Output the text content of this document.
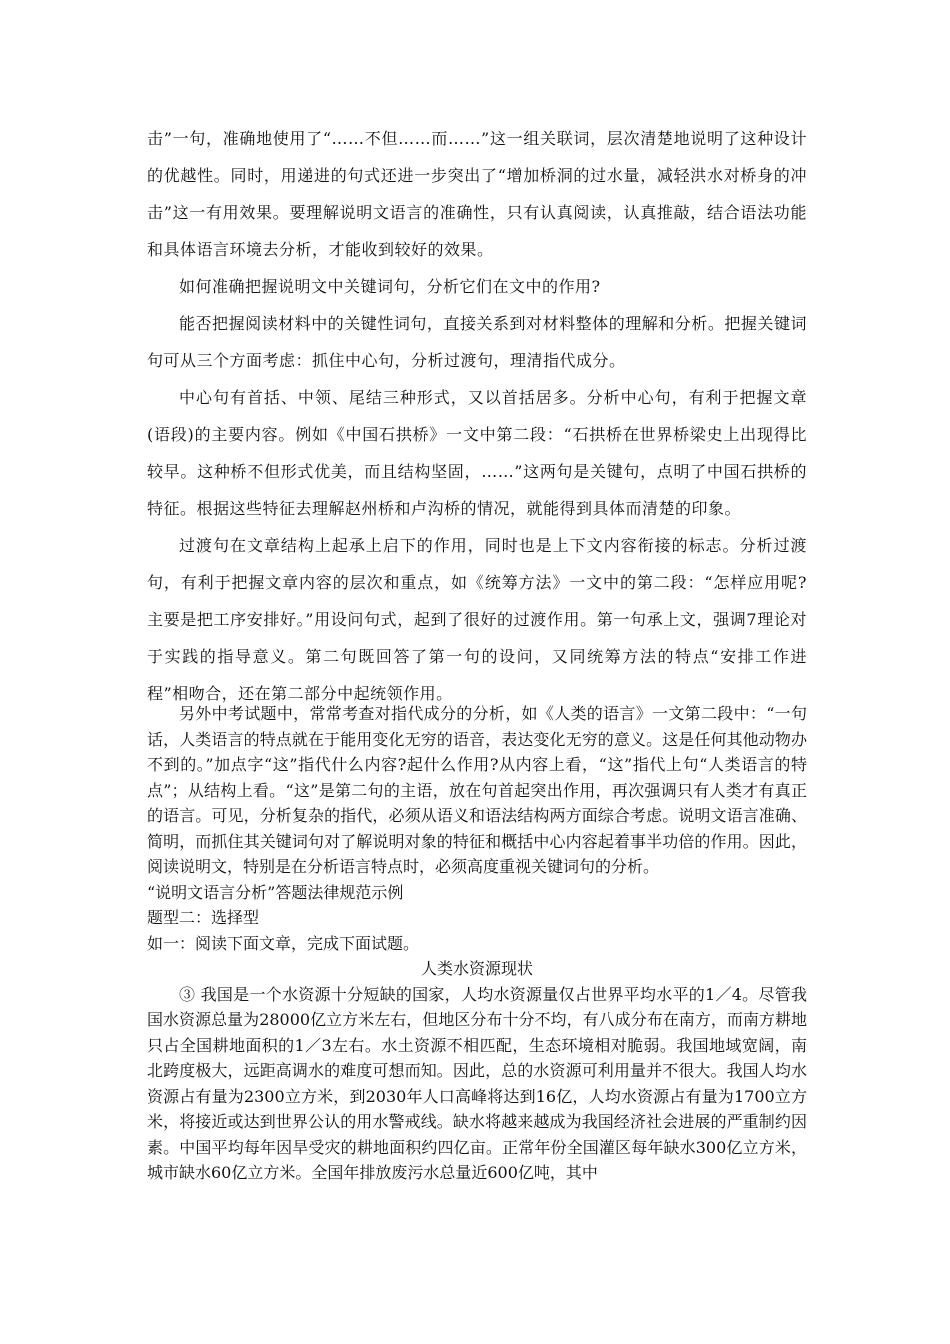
击”一句，准确地使用了“……不但……而……”这一组关联词，层次清楚地说明了这种设计的优越性。同时，用递进的句式还进一步突出了“增加桥洞的过水量，减轻洪水对桥身的冲击”这一有用效果。要理解说明文语言的准确性，只有认真阅读，认真推敲，结合语法功能和具体语言环境去分析，才能收到较好的效果。

如何准确把握说明文中关键词句，分析它们在文中的作用?

能否把握阅读材料中的关键性词句，直接关系到对材料整体的理解和分析。把握关键词句可从三个方面考虑：抓住中心句，分析过渡句，理清指代成分。

中心句有首括、中领、尾结三种形式，又以首括居多。分析中心句，有利于把握文章(语段)的主要内容。例如《中国石拱桥》一文中第二段：“石拱桥在世界桥梁史上出现得比较早。这种桥不但形式优美，而且结构坚固，……”这两句是关键句，点明了中国石拱桥的特征。根据这些特征去理解赵州桥和卢沟桥的情况，就能得到具体而清楚的印象。

过渡句在文章结构上起承上启下的作用，同时也是上下文内容衔接的标志。分析过渡句，有利于把握文章内容的层次和重点，如《统筹方法》一文中的第二段：“怎样应用呢?主要是把工序安排好。”用设问句式，起到了很好的过渡作用。第一句承上文，强调7理论对于实践的指导意义。第二句既回答了第一句的设问，又同统筹方法的特点“安排工作进程”相吻合，还在第二部分中起统领作用。

另外中考试题中，常常考查对指代成分的分析，如《人类的语言》一文第二段中：“一句话，人类语言的特点就在于能用变化无穷的语音，表达变化无穷的意义。这是任何其他动物办不到的。”加点字“这”指代什么内容?起什么作用?从内容上看，“这”指代上句“人类语言的特点”；从结构上看。“这”是第二句的主语，放在句首起突出作用，再次强调只有人类才有真正的语言。可见，分析复杂的指代，必须从语义和语法结构两方面综合考虑。说明文语言准确、简明，而抓住其关键词句对了解说明对象的特征和概括中心内容起着事半功倍的作用。因此，阅读说明文，特别是在分析语言特点时，必须高度重视关键词句的分析。

“说明文语言分析”答题法律规范示例

题型二：选择型

如一：阅读下面文章，完成下面试题。

人类水资源现状

③ 我国是一个水资源十分短缺的国家，人均水资源量仅占世界平均水平的1／4。尽管我国水资源总量为28000亿立方米左右，但地区分布十分不均，有八成分布在南方，而南方耕地只占全国耕地面积的1／3左右。水土资源不相匹配，生态环境相对脆弱。我国地域宽阔，南北跨度极大，远距高调水的难度可想而知。因此，总的水资源可利用量并不很大。我国人均水资源占有量为2300立方米，到2030年人口高峰将达到16亿，人均水资源占有量为1700立方米，将接近或达到世界公认的用水警戒线。缺水将越来越成为我国经济社会进展的严重制约因素。中国平均每年因旱受灾的耕地面积约四亿亩。正常年份全国灌区每年缺水300亿立方米，城市缺水60亿立方米。全国年排放废污水总量近600亿吨，其中
